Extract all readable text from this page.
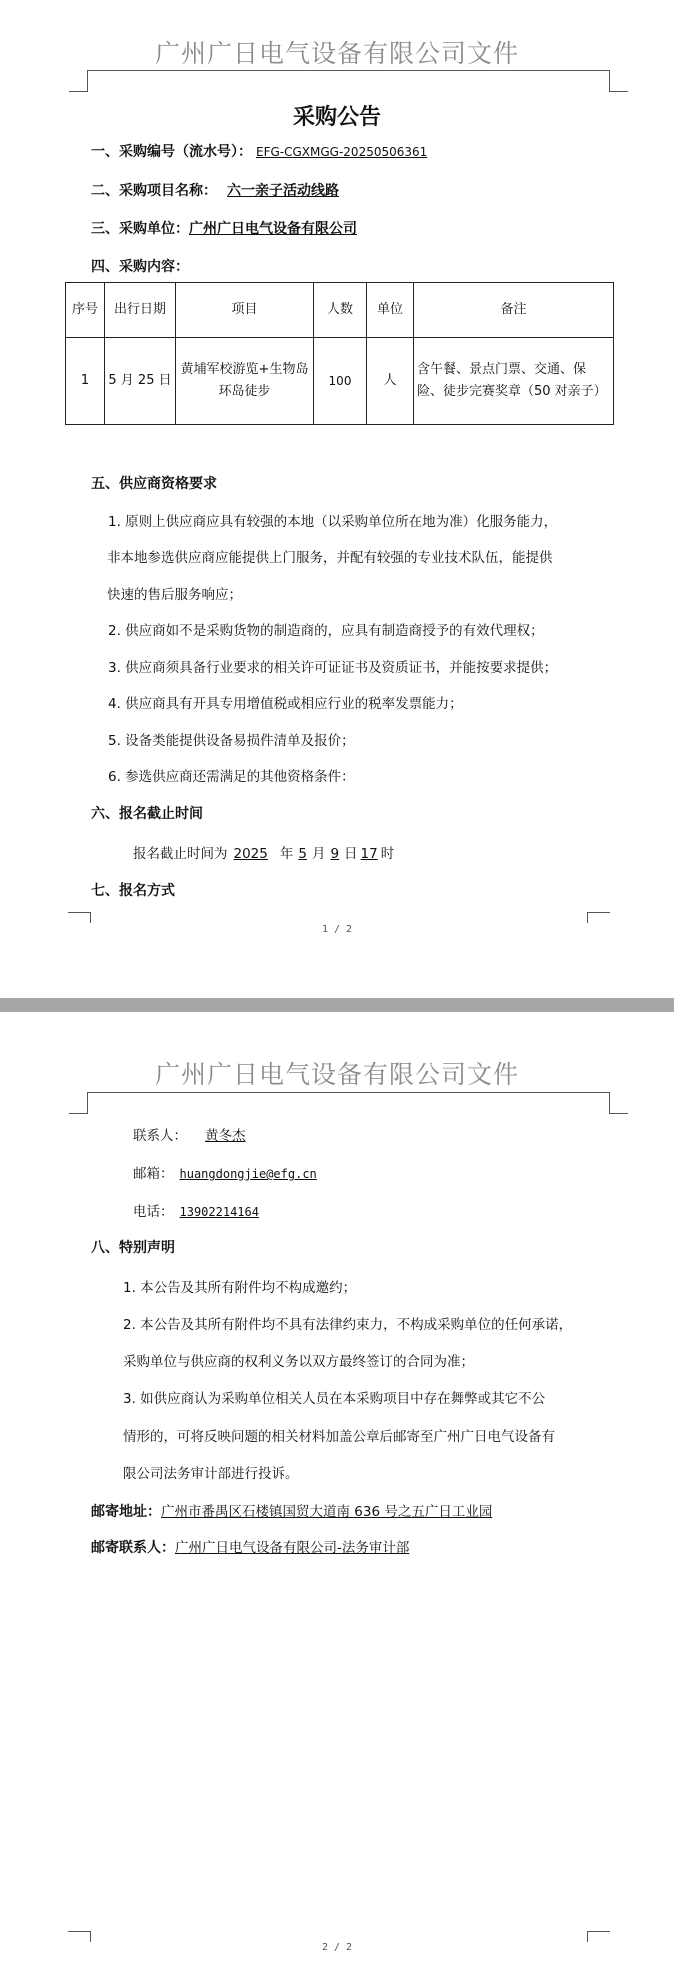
广州广日电气设备有限公司文件
采购公告
一、采购编号（流水号）： EFG-CGXMGG-20250506361
二、采购项目名称： 六一亲子活动线路
三、采购单位：广州广日电气设备有限公司
四、采购内容：
序号	出行日期	项目	人数	单位	备注
1	5 月 25 日	黄埔军校游览+生物岛环岛徒步	100	人	含午餐、景点门票、交通、保险、徒步完赛奖章（50 对亲子）
五、供应商资格要求
1. 原则上供应商应具有较强的本地（以采购单位所在地为准）化服务能力，
非本地参选供应商应能提供上门服务，并配有较强的专业技术队伍，能提供
快速的售后服务响应；
2. 供应商如不是采购货物的制造商的，应具有制造商授予的有效代理权；
3. 供应商须具备行业要求的相关许可证证书及资质证书，并能按要求提供；
4. 供应商具有开具专用增值税或相应行业的税率发票能力；
5. 设备类能提供设备易损件清单及报价；
6. 参选供应商还需满足的其他资格条件：
六、报名截止时间
报名截止时间为 2025 年 5 月 9 日 17 时
七、报名方式
1 / 2
广州广日电气设备有限公司文件
联系人： 黄冬杰
邮箱： huangdongjie@efg.cn
电话： 13902214164
八、特别声明
1. 本公告及其所有附件均不构成邀约；
2. 本公告及其所有附件均不具有法律约束力，不构成采购单位的任何承诺，
采购单位与供应商的权利义务以双方最终签订的合同为准；
3. 如供应商认为采购单位相关人员在本采购项目中存在舞弊或其它不公
情形的，可将反映问题的相关材料加盖公章后邮寄至广州广日电气设备有
限公司法务审计部进行投诉。
邮寄地址：广州市番禺区石楼镇国贸大道南 636 号之五广日工业园
邮寄联系人：广州广日电气设备有限公司-法务审计部
2 / 2
